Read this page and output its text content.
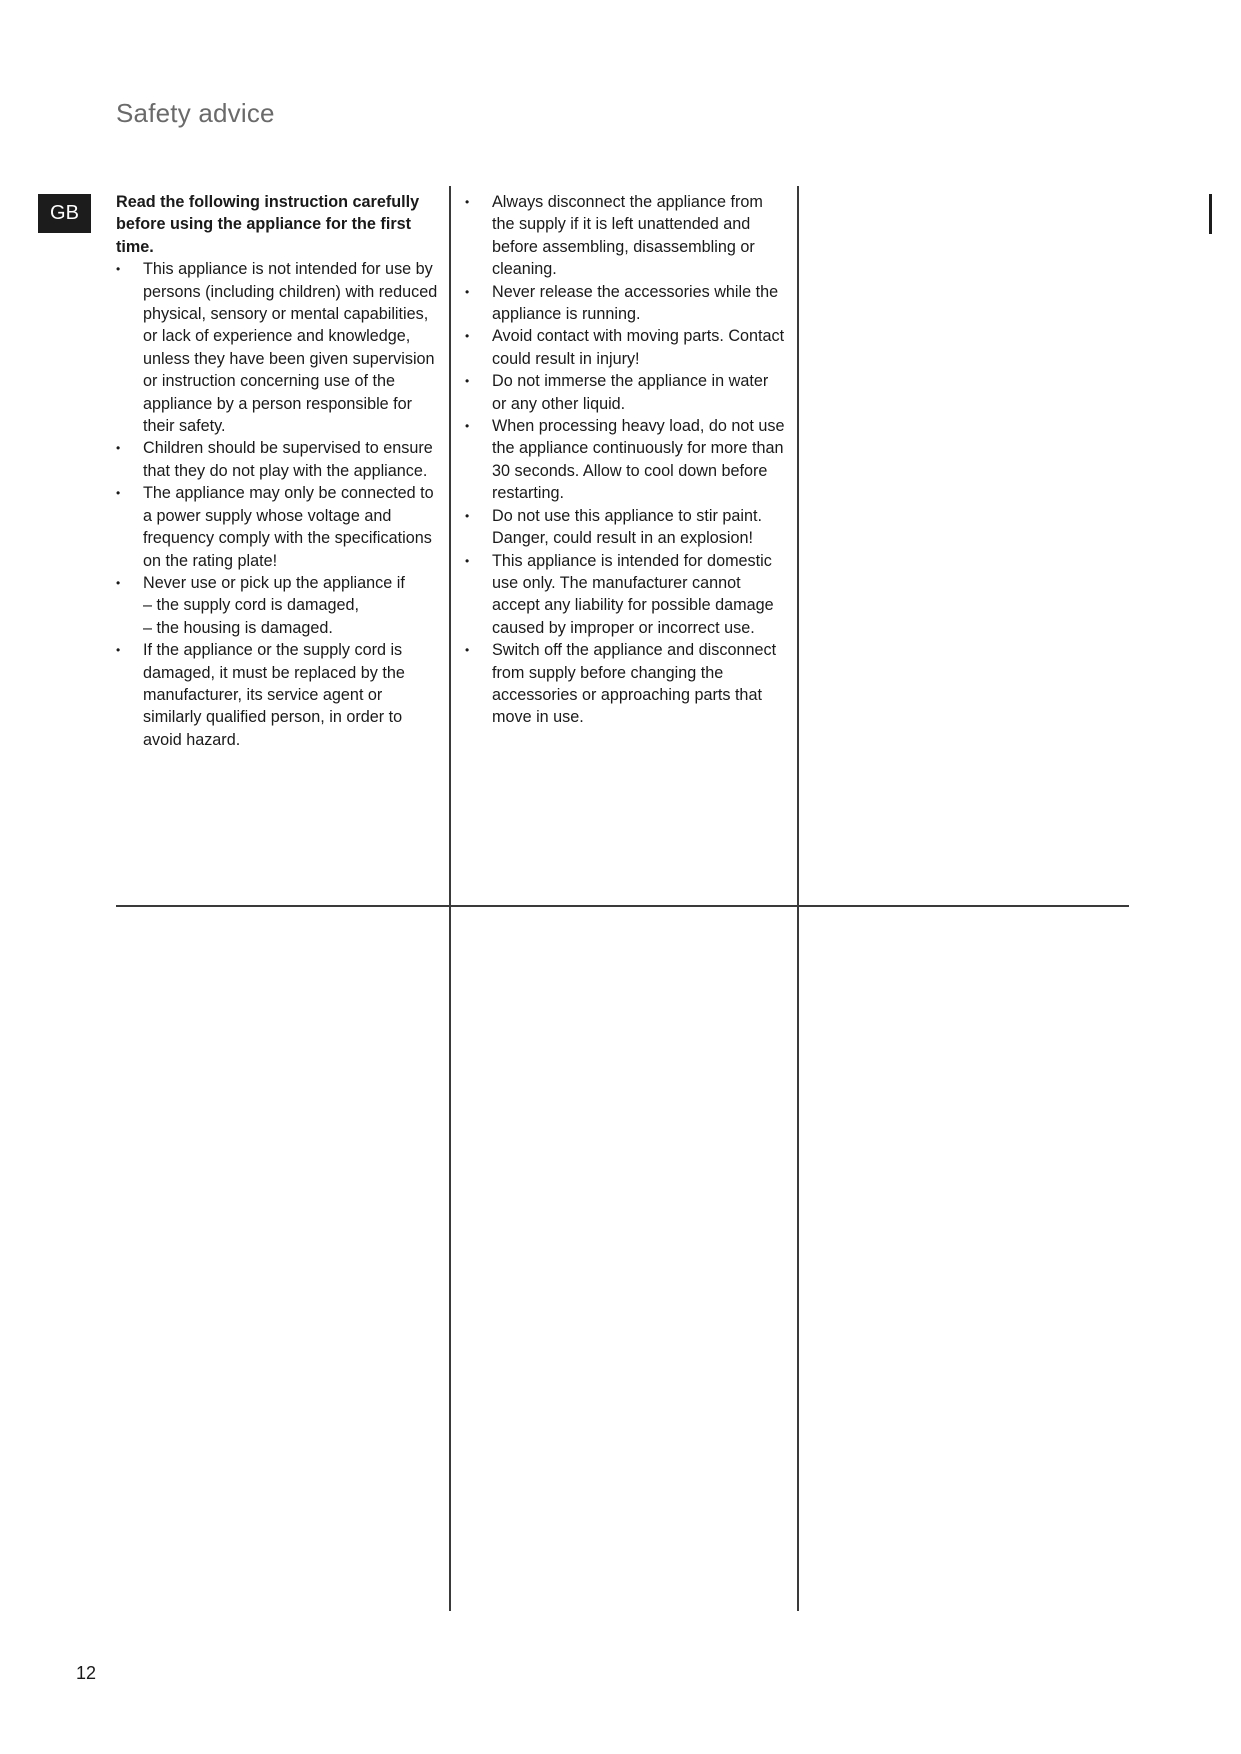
Safety advice
GB	Read the following instruction carefully before using the appliance for the first time.

• This appliance is not intended for use by persons (including children) with reduced physical, sensory or mental capabilities, or lack of experience and knowledge, unless they have been given supervision or instruction concerning use of the appliance by a person responsible for their safety.
• Children should be supervised to ensure that they do not play with the appliance.
• The appliance may only be connected to a power supply whose voltage and frequency comply with the specifications on the rating plate!
• Never use or pick up the appliance if
– the supply cord is damaged,
– the housing is damaged.
• If the appliance or the supply cord is damaged, it must be replaced by the manufacturer, its service agent or similarly qualified person, in order to avoid hazard.
• Always disconnect the appliance from the supply if it is left unattended and before assembling, disassembling or cleaning.
• Never release the accessories while the appliance is running.
• Avoid contact with moving parts. Contact could result in injury!
• Do not immerse the appliance in water or any other liquid.
• When processing heavy load, do not use the appliance continuously for more than 30 seconds. Allow to cool down before restarting.
• Do not use this appliance to stir paint. Danger, could result in an explosion!
• This appliance is intended for domestic use only. The manufacturer cannot accept any liability for possible damage caused by improper or incorrect use.
• Switch off the appliance and disconnect from supply before changing the accessories or approaching parts that move in use.
12
